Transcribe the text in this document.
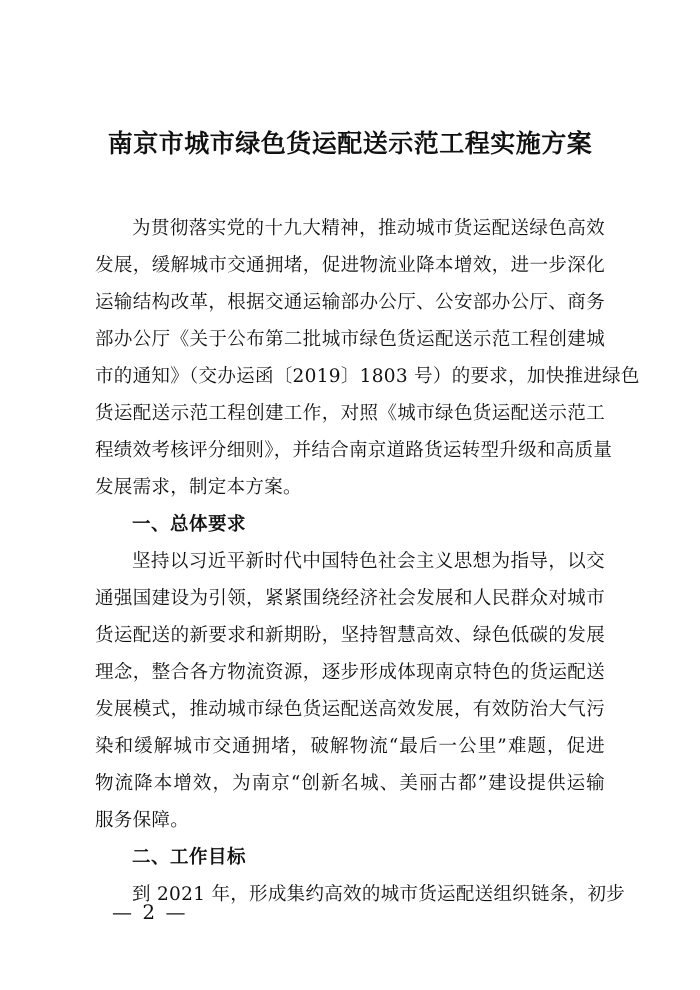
南京市城市绿色货运配送示范工程实施方案
为贯彻落实党的十九大精神，推动城市货运配送绿色高效
发展，缓解城市交通拥堵，促进物流业降本增效，进一步深化
运输结构改革，根据交通运输部办公厅、公安部办公厅、商务
部办公厅《关于公布第二批城市绿色货运配送示范工程创建城
市的通知》（交办运函〔2019〕1803 号）的要求，加快推进绿色
货运配送示范工程创建工作，对照《城市绿色货运配送示范工
程绩效考核评分细则》，并结合南京道路货运转型升级和高质量
发展需求，制定本方案。
一、总体要求
坚持以习近平新时代中国特色社会主义思想为指导，以交
通强国建设为引领，紧紧围绕经济社会发展和人民群众对城市
货运配送的新要求和新期盼，坚持智慧高效、绿色低碳的发展
理念，整合各方物流资源，逐步形成体现南京特色的货运配送
发展模式，推动城市绿色货运配送高效发展，有效防治大气污
染和缓解城市交通拥堵，破解物流“最后一公里”难题，促进
物流降本增效，为南京“创新名城、美丽古都”建设提供运输
服务保障。
二、工作目标
到 2021 年，形成集约高效的城市货运配送组织链条，初步
— 2 —
